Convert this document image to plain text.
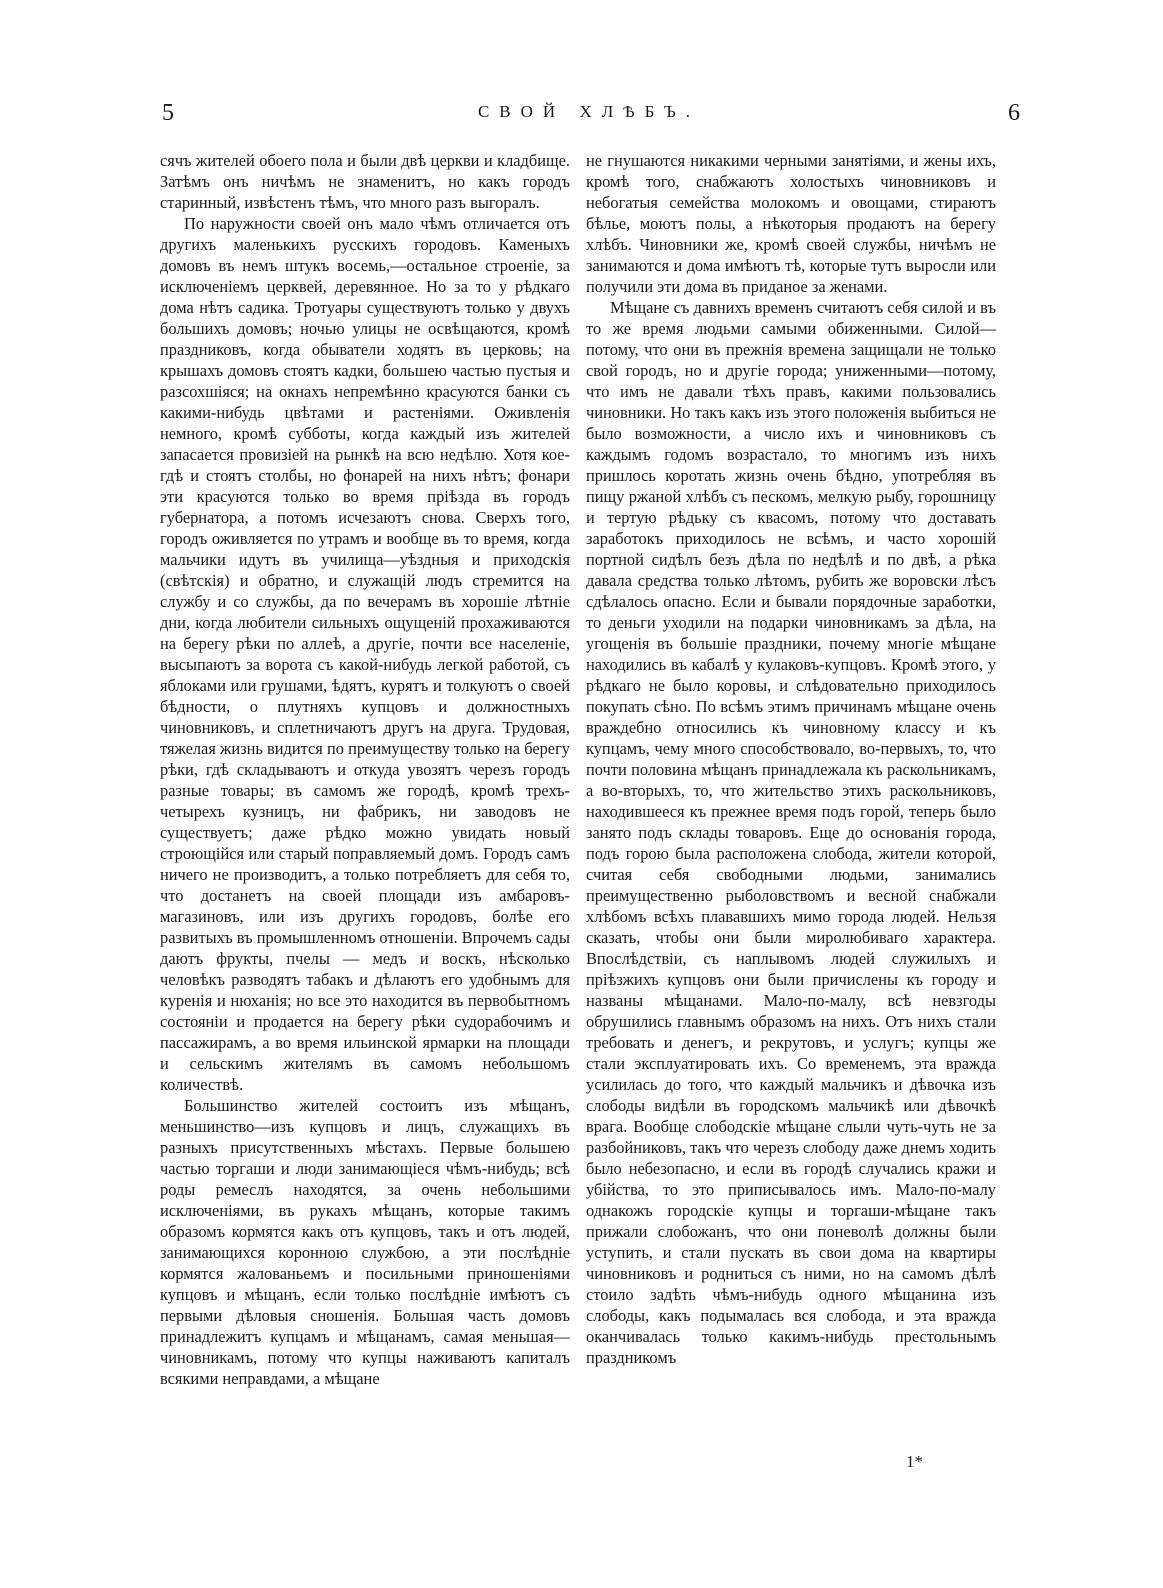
5	СВОЙ ХЛѢБЪ.	6

сячъ жителей обоего пола и были двѣ церкви и кладбище. Затѣмъ онъ ничѣмъ не знаменитъ, но какъ городъ старинный, извѣстенъ тѣмъ, что много разъ выгоралъ.

По наружности своей онъ мало чѣмъ отличается отъ другихъ маленькихъ русскихъ городовъ. Каменыхъ домовъ въ немъ штукъ восемь,—остальное строеніе, за исключеніемъ церквей, деревянное. Но за то у рѣдкаго дома нѣтъ садика. Тротуары существуютъ только у двухъ большихъ домовъ; ночью улицы не освѣщаются, кромѣ праздниковъ, когда обыватели ходятъ въ церковь; на крышахъ домовъ стоятъ кадки, большею частью пустыя и разсохшіяся; на окнахъ непремѣнно красуются банки съ какими-нибудь цвѣтами и растеніями. Оживленія немного, кромѣ субботы, когда каждый изъ жителей запасается провизіей на рынкѣ на всю недѣлю. Хотя кое-гдѣ и стоятъ столбы, но фонарей на нихъ нѣтъ; фонари эти красуются только во время пріѣзда въ городъ губернатора, а потомъ исчезаютъ снова. Сверхъ того, городъ оживляется по утрамъ и вообще въ то время, когда мальчики идутъ въ училища—уѣздныя и приходскія (свѣтскія) и обратно, и служащій людъ стремится на службу и со службы, да по вечерамъ въ хорошіе лѣтніе дни, когда любители сильныхъ ощущеній прохаживаются на берегу рѣки по аллеѣ, а другіе, почти все населеніе, высыпаютъ за ворота съ какой-нибудь легкой работой, съ яблоками или грушами, ѣдятъ, курятъ и толкуютъ о своей бѣдности, о плутняхъ купцовъ и должностныхъ чиновниковъ, и сплетничаютъ другъ на друга. Трудовая, тяжелая жизнь видится по преимуществу только на берегу рѣки, гдѣ складываютъ и откуда увозятъ черезъ городъ разные товары; въ самомъ же городѣ, кромѣ трехъ-четырехъ кузницъ, ни фабрикъ, ни заводовъ не существуетъ; даже рѣдко можно увидать новый строющійся или старый поправляемый домъ. Городъ самъ ничего не производитъ, а только потребляетъ для себя то, что достанетъ на своей площади изъ амбаровъ-магазиновъ, или изъ другихъ городовъ, болѣе его развитыхъ въ промышленномъ отношеніи. Впрочемъ сады даютъ фрукты, пчелы — медъ и воскъ, нѣсколько человѣкъ разводятъ табакъ и дѣлаютъ его удобнымъ для куренія и нюханія; но все это находится въ первобытномъ состояніи и продается на берегу рѣки судорабочимъ и пассажирамъ, а во время ильинской ярмарки на площади и сельскимъ жителямъ въ самомъ небольшомъ количествѣ.

Большинство жителей состоитъ изъ мѣщанъ, меньшинство—изъ купцовъ и лицъ, служащихъ въ разныхъ присутственныхъ мѣстахъ. Первые большею частью торгаши и люди занимающіеся чѣмъ-нибудь; всѣ роды ремеслъ находятся, за очень небольшими исключеніями, въ рукахъ мѣщанъ, которые такимъ образомъ кормятся какъ отъ купцовъ, такъ и отъ людей, занимающихся коронною службою, а эти послѣдніе кормятся жалованьемъ и посильными приношеніями купцовъ и мѣщанъ, если только послѣдніе имѣютъ съ первыми дѣловыя сношенія. Большая часть домовъ принадлежитъ купцамъ и мѣщанамъ, самая меньшая—чиновникамъ, потому что купцы наживаютъ капиталъ всякими неправдами, а мѣщане

не гнушаются никакими черными занятіями, и жены ихъ, кромѣ того, снабжаютъ холостыхъ чиновниковъ и небогатыя семейства молокомъ и овощами, стираютъ бѣлье, моютъ полы, а нѣкоторыя продаютъ на берегу хлѣбъ. Чиновники же, кромѣ своей службы, ничѣмъ не занимаются и дома имѣютъ тѣ, которые тутъ выросли или получили эти дома въ приданое за женами.

Мѣщане съ давнихъ временъ считаютъ себя силой и въ то же время людьми самыми обиженными. Силой—потому, что они въ прежнія времена защищали не только свой городъ, но и другіе города; униженными—потому, что имъ не давали тѣхъ правъ, какими пользовались чиновники. Но такъ какъ изъ этого положенія выбиться не было возможности, а число ихъ и чиновниковъ съ каждымъ годомъ возрастало, то многимъ изъ нихъ пришлось коротать жизнь очень бѣдно, употребляя въ пищу ржаной хлѣбъ съ пескомъ, мелкую рыбу, горошницу и тертую рѣдьку съ квасомъ, потому что доставать заработокъ приходилось не всѣмъ, и часто хорошій портной сидѣлъ безъ дѣла по недѣлѣ и по двѣ, а рѣка давала средства только лѣтомъ, рубить же воровски лѣсъ сдѣлалось опасно. Если и бывали порядочные заработки, то деньги уходили на подарки чиновникамъ за дѣла, на угощенія въ большіе праздники, почему многіе мѣщане находились въ кабалѣ у кулаковъ-купцовъ. Кромѣ этого, у рѣдкаго не было коровы, и слѣдовательно приходилось покупать сѣно. По всѣмъ этимъ причинамъ мѣщане очень враждебно относились къ чиновному классу и къ купцамъ, чему много способствовало, во-первыхъ, то, что почти половина мѣщанъ принадлежала къ раскольникамъ, а во-вторыхъ, то, что жительство этихъ раскольниковъ, находившееся къ прежнее время подъ горой, теперь было занято подъ склады товаровъ. Еще до основанія города, подъ горою была расположена слобода, жители которой, считая себя свободными людьми, занимались преимущественно рыболовствомъ и весной снабжали хлѣбомъ всѣхъ плававшихъ мимо города людей. Нельзя сказать, чтобы они были миролюбиваго характера. Впослѣдствіи, съ наплывомъ людей служилыхъ и пріѣзжихъ купцовъ они были причислены къ городу и названы мѣщанами. Мало-по-малу, всѣ невзгоды обрушились главнымъ образомъ на нихъ. Отъ нихъ стали требовать и денегъ, и рекрутовъ, и услугъ; купцы же стали эксплуатировать ихъ. Со временемъ, эта вражда усилилась до того, что каждый мальчикъ и дѣвочка изъ слободы видѣли въ городскомъ мальчикѣ или дѣвочкѣ врага. Вообще слободскіе мѣщане слыли чуть-чуть не за разбойниковъ, такъ что черезъ слободу даже днемъ ходить было небезопасно, и если въ городѣ случались кражи и убійства, то это приписывалось имъ. Мало-по-малу однакожъ городскіе купцы и торгаши-мѣщане такъ прижали слобожанъ, что они поневолѣ должны были уступить, и стали пускать въ свои дома на квартиры чиновниковъ и родниться съ ними, но на самомъ дѣлѣ стоило задѣть чѣмъ-нибудь одного мѣщанина изъ слободы, какъ подымалась вся слобода, и эта вражда оканчивалась только какимъ-нибудь престольнымъ праздникомъ

1*
